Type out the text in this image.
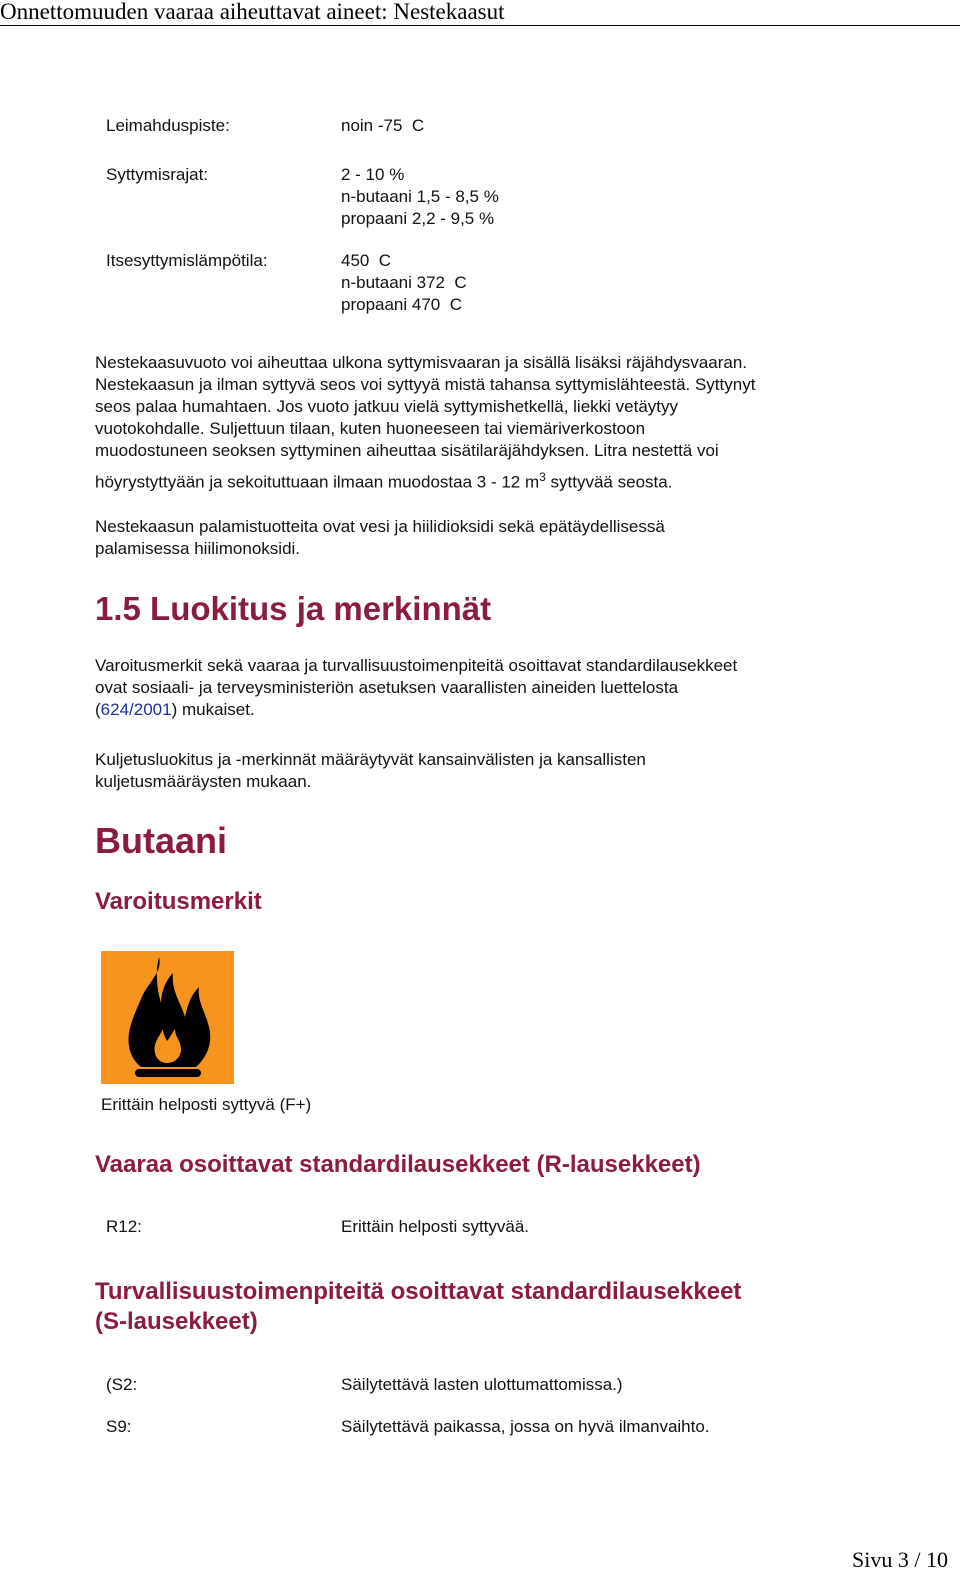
Onnettomuuden vaaraa aiheuttavat aineet: Nestekaasut
Leimahduspiste:	noin -75  C
Syttymisrajat:	2 - 10 %
n-butaani 1,5 - 8,5 %
propaani 2,2 - 9,5 %
Itsesyttymislämpötila:	450  C
n-butaani 372  C
propaani 470  C

Nestekaasuvuoto voi aiheuttaa ulkona syttymisvaaran ja sisällä lisäksi räjähdysvaaran.

Nestekaasun ja ilman syttyvä seos voi syttyyä mistä tahansa syttymislähteestä. Syttynyt

seos palaa humahtaen. Jos vuoto jatkuu vielä syttymishetkellä, liekki vetäytyy

vuotokohdalle. Suljettuun tilaan, kuten huoneeseen tai viemäriverkostoon

muodostuneen seoksen syttyminen aiheuttaa sisätilaräjähdyksen. Litra nestettä voi

höyrystyttyään ja sekoituttuaan ilmaan muodostaa 3 - 12 $m^3$ syttyvää seosta.

Nestekaasun palamistuotteita ovat vesi ja hiilidioksidi sekä epätäydellisessä

palamisessa hiilimonoksidi.

1.5 Luokitus ja merkinnät

Varoitusmerkit sekä vaaraa ja turvallisuustoimenpiteitä osoittavat standardilausekkeet

ovat sosiaali- ja terveysministeriön asetuksen vaarallisten aineiden luettelosta

(624/2001) mukaiset.

Kuljetusluokitus ja -merkinnät määräytyvät kansainvälisten ja kansallisten

kuljetusmääräysten mukaan.

Butaani
Varoitusmerkit
Erittäin helposti syttyvä (F+)
Vaaraa osoittavat standardilausekkeet (R-lausekkeet)
R12:	Erittäin helposti syttyvää.
Turvallisuustoimenpiteitä osoittavat standardilausekkeet
(S-lausekkeet)
(S2:	Säilytettävä lasten ulottumattomissa.)
S9:	Säilytettävä paikassa, jossa on hyvä ilmanvaihto.
Sivu 3 / 10
